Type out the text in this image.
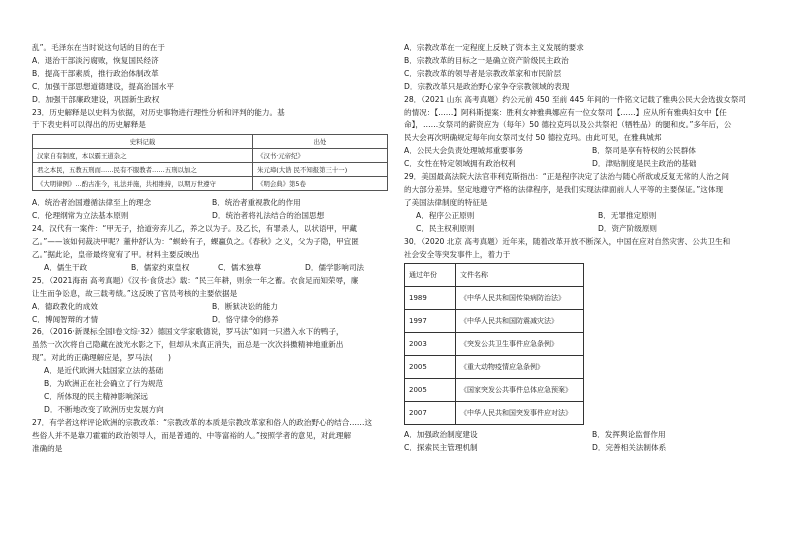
乱”。毛泽东在当时说这句话的目的在于
A．退治干部淡污腐败，恢复国民经济
B．提高干部素质，推行政治体制改革
C．加强干部思想道德建设，提高治国水平
D．加强干部廉政建设，巩固新生政权
23．历史解释是以史料为依据，对历史事物进行理性分析和评判的能力。基
于下表史料可以得出的历史解释是
史料记载	出处
汉家自有制度，本以霸王道杂之	《汉书·元帝纪》
君之本民，五教五刑而……民有不服教者……五刑以加之	朱元璋(大诰 民不知报第三十一)
《大明律例》…酌古准今，礼法并施，共相维持，以期万世遵守	《明会典》第5卷
A．统治者治国遵循法律至上的理念	B．统治者重视教化的作用
C．伦理纲常为立法基本原则	D．统治者将礼法结合的治国思想
24．汉代有一案件：“甲无子，拾道旁弃儿乙，养之以为子。及乙长，有罪杀人，以状语甲，甲藏
乙。”——该如何裁决甲呢？董仲舒认为：“螟蛉有子，蜾蠃负之。《春秋》之义，父为子隐，甲宜匿
乙。”据此论，皇帝最终宽宥了甲。材料主要反映出
A．儒生干政	B．儒家约束皇权	C．儒术独尊	D．儒学影响司法
25．（2021海南 高考真题）《汉书·食货志》载：“民三年耕，则余一年之蓄。衣食足而知荣辱，廉
让生而争讼息，故三载考绩。”这反映了官员考核的主要依据是
A．德政教化的成效	B．断狱决讼的能力
C．博闻智辩的才情	D．恪守律令的修养
26．（2016·新课标全国Ⅰ卷文综·32）德国文学家歌德说，罗马法“如同一只潜入水下的鸭子，
虽然一次次将自己隐藏在波光水影之下，但却从未真正消失，而总是一次次抖擞精神地重新出
现”。对此的正确理解应是，罗马法(　　)
A．是近代欧洲大陆国家立法的基础
B．为欧洲正在社会确立了行为规范
C．所体现的民主精神影响深远
D．不断地改变了欧洲历史发展方向
27．有学者这样评论欧洲的宗教改革：“宗教改革的本质是宗教改革家和俗人的政治野心的结合……这
些俗人并不是靠刀霍霍的政治领导人，而是普通的、中等富裕的人。”按照学者的意见，对此理解
准确的是
A．宗教改革在一定程度上反映了资本主义发展的要求
B．宗教改革的目标之一是确立资产阶级民主政治
C．宗教改革的领导者是宗教改革家和市民阶层
D．宗教改革只是政治野心家争夺宗教领域的表现
28．（2021 山东 高考真题）约公元前 450 至前 445 年间的一件铭文记载了雅典公民大会选拔女祭司
的情况：【……】阿科斯提案：胜利女神雅典娜应有一位女祭司【……】应从所有雅典妇女中【任
命】，……女祭司的薪资应为（每年）50 德拉克玛以及公共祭祀（牺牲品）的腿和皮。”多年后，公
民大会再次明确规定每年向女祭司支付 50 德拉克玛。由此可见，在雅典城邦
A．公民大会负责处理城邦重要事务	B．祭司是享有特权的公民群体
C．女性在特定领域拥有政治权利	D．津贴制度是民主政治的基础
29．美国最高法院大法官菲利克斯指出：“正是程序决定了法治与随心所欲或反复无常的人治之间
的大部分差异。坚定地遵守严格的法律程序，是我们实现法律面前人人平等的主要保证。”这体现
了美国法律制度的特征是
A．程序公正原则	B．无罪推定原则
C．民主权利原则	D．资产阶级原则
30．（2020 北京 高考真题）近年来，随着改革开放不断深入，中国在应对自然灾害、公共卫生和
社会安全等突发事件上，着力于
通过年份	文件名称
1989	《中华人民共和国传染病防治法》
1997	《中华人民共和国防震减灾法》
2003	《突发公共卫生事件应急条例》
2005	《重大动物疫情应急条例》
2005	《国家突发公共事件总体应急预案》
2007	《中华人民共和国突发事件应对法》
A．加强政治制度建设	B．发挥舆论监督作用
C．探索民主管理机制	D．完善相关法制体系
